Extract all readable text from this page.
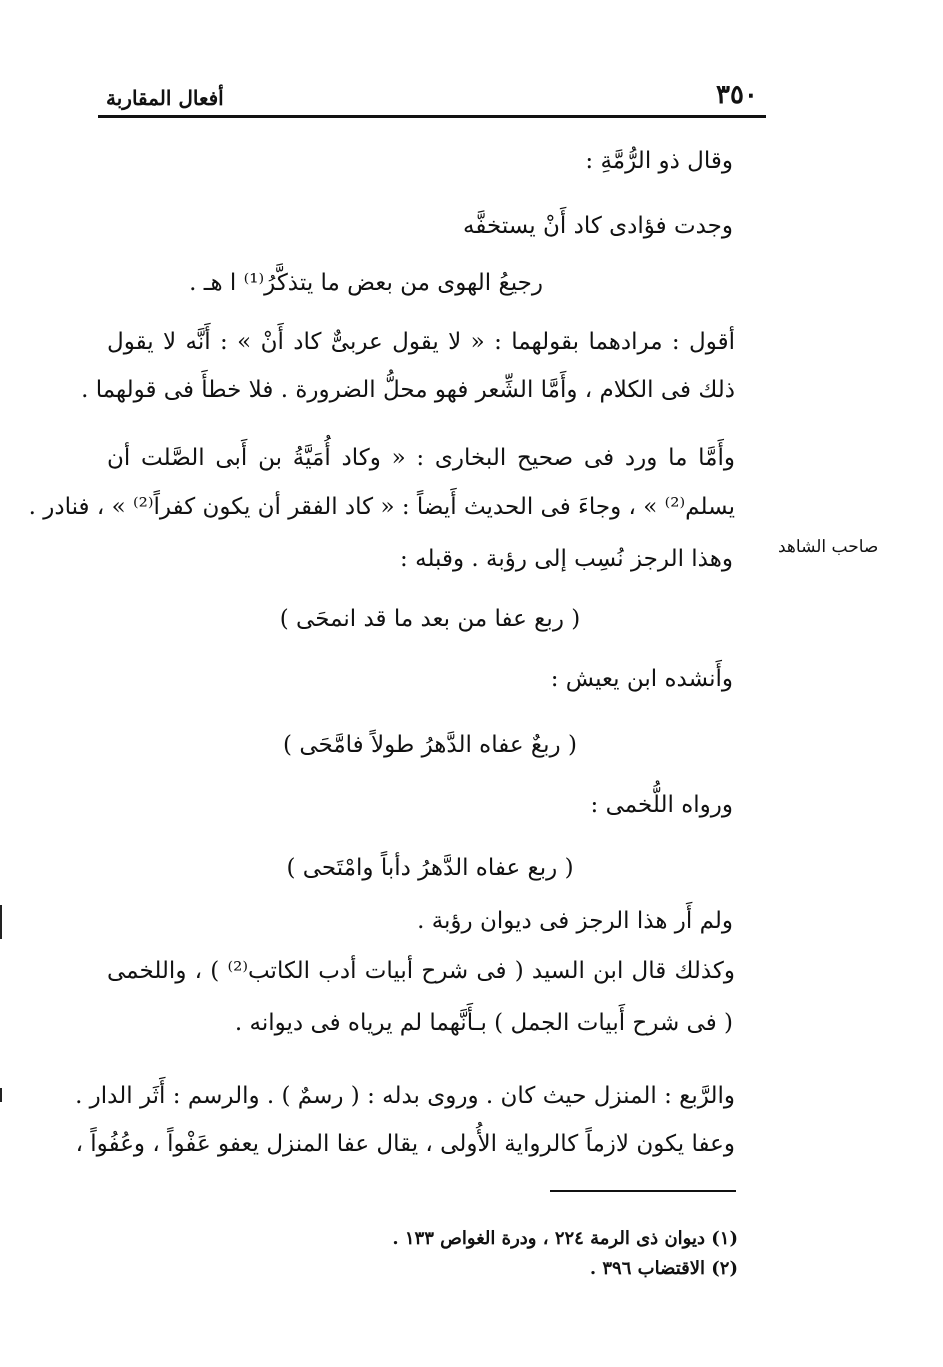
أفعال المقاربة	٣٥٠
صاحب الشاهد
وقال ذو الرُّمَّةِ :
وجدت فؤادى كاد أَنْ يستخفَّه
رجيعُ الهوى من بعض ما يتذكَّرُ⁽¹⁾ ا هـ .
أقول : مرادهما بقولهما : « لا يقول عربىٌّ كاد أَنْ » : أَنَّه لا يقول
ذلك فى الكلام ، وأَمَّا الشِّعر فهو محلُّ الضرورة . فلا خطأَ فى قولهما .
وأَمَّا ما ورد فى صحيح البخارى : « وكاد أُمَيَّةُ بن أَبى الصَّلت أن
يسلم⁽²⁾ » ، وجاءَ فى الحديث أَيضاً : « كاد الفقر أن يكون كفراً⁽²⁾ » ، فنادر .
وهذا الرجز نُسِب إلى رؤبة . وقبله :
( ربع عفا من بعد ما قد انمحَى )
وأَنشده ابن يعيش :
( ربعٌ عفاه الدَّهرُ طولاً فامَّحَى )
ورواه اللُّخمى :
( ربع عفاه الدَّهرُ دأباً وامْتَحى )
ولم أَر هذا الرجز فى ديوان رؤبة .
وكذلك قال ابن السيد ( فى شرح أبيات أدب الكاتب⁽²⁾ ) ، واللخمى
( فى شرح أَبيات الجمل ) بـأَنَّهما لم يرياه فى ديوانه .
والرَّبع : المنزل حيث كان . وروى بدله : ( رسمٌ ) . والرسم : أَثَر الدار .
وعفا يكون لازماً كالرواية الأُولى ، يقال عفا المنزل يعفو عَفْواً ، وعُفُواً ،
(١) ديوان ذى الرمة ٢٢٤ ، ودرة الغواص ١٣٣ .
(٢) الاقتضاب ٣٩٦ .
